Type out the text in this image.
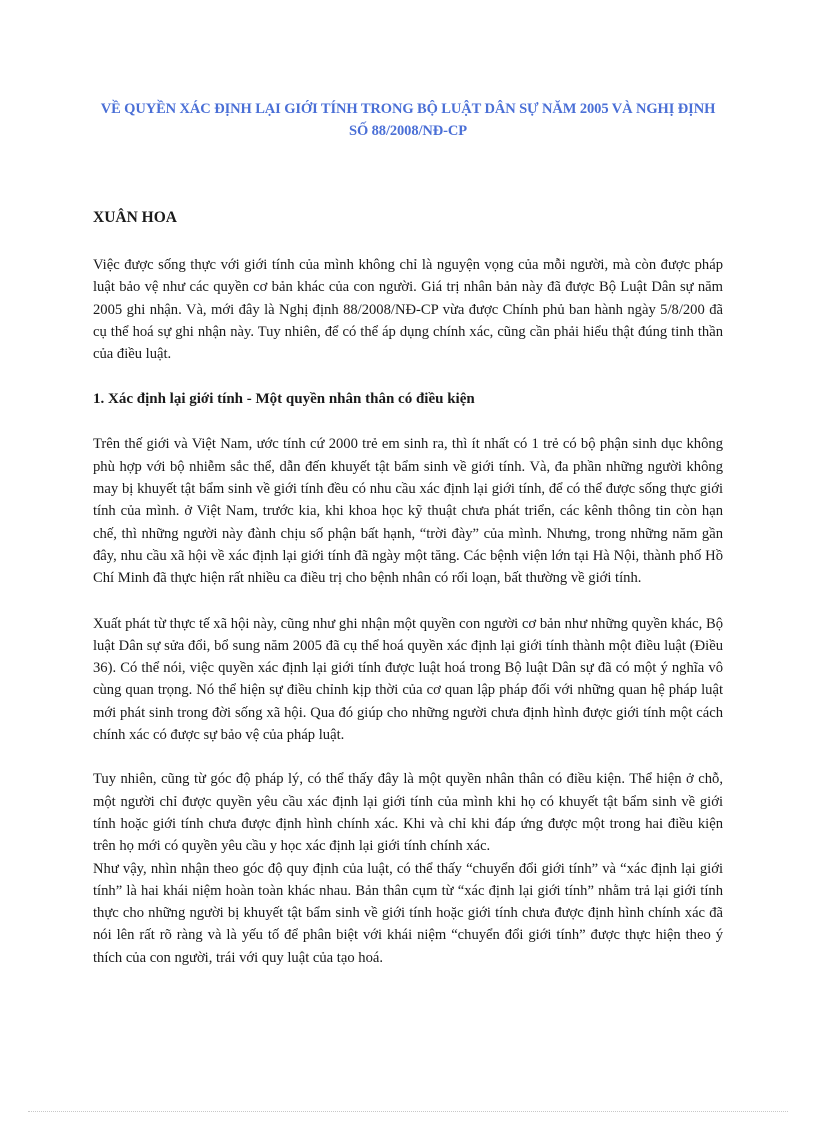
VỀ QUYỀN XÁC ĐỊNH LẠI GIỚI TÍNH TRONG BỘ LUẬT DÂN SỰ NĂM 2005 VÀ NGHỊ ĐỊNH SỐ 88/2008/NĐ-CP
XUÂN HOA

Việc được sống thực với giới tính của mình không chỉ là nguyện vọng của mỗi người, mà còn được pháp luật bảo vệ như các quyền cơ bản khác của con người. Giá trị nhân bản này đã được Bộ Luật Dân sự năm 2005 ghi nhận. Và, mới đây là Nghị định 88/2008/NĐ-CP vừa được Chính phủ ban hành ngày 5/8/200 đã cụ thể hoá sự ghi nhận này. Tuy nhiên, để có thể áp dụng chính xác, cũng cần phải hiểu thật đúng tinh thần của điều luật.

1. Xác định lại giới tính - Một quyền nhân thân có điều kiện

Trên thế giới và Việt Nam, ước tính cứ 2000 trẻ em sinh ra, thì ít nhất có 1 trẻ có bộ phận sinh dục không phù hợp với bộ nhiễm sắc thể, dẫn đến khuyết tật bẩm sinh về giới tính. Và, đa phần những người không may bị khuyết tật bẩm sinh về giới tính đều có nhu cầu xác định lại giới tính, để có thể được sống thực giới tính của mình. ở Việt Nam, trước kia, khi khoa học kỹ thuật chưa phát triển, các kênh thông tin còn hạn chế, thì những người này đành chịu số phận bất hạnh, “trời đày” của mình. Nhưng, trong những năm gần đây, nhu cầu xã hội về xác định lại giới tính đã ngày một tăng. Các bệnh viện lớn tại Hà Nội, thành phố Hồ Chí Minh đã thực hiện rất nhiều ca điều trị cho bệnh nhân có rối loạn, bất thường về giới tính.

Xuất phát từ thực tế xã hội này, cũng như ghi nhận một quyền con người cơ bản như những quyền khác, Bộ luật Dân sự sửa đổi, bổ sung năm 2005 đã cụ thể hoá quyền xác định lại giới tính thành một điều luật (Điều 36). Có thể nói, việc quyền xác định lại giới tính được luật hoá trong Bộ luật Dân sự đã có một ý nghĩa vô cùng quan trọng. Nó thể hiện sự điều chỉnh kịp thời của cơ quan lập pháp đối với những quan hệ pháp luật mới phát sinh trong đời sống xã hội. Qua đó giúp cho những người chưa định hình được giới tính một cách chính xác có được sự bảo vệ của pháp luật.

Tuy nhiên, cũng từ góc độ pháp lý, có thể thấy đây là một quyền nhân thân có điều kiện. Thể hiện ở chỗ, một người chỉ được quyền yêu cầu xác định lại giới tính của mình khi họ có khuyết tật bẩm sinh về giới tính hoặc giới tính chưa được định hình chính xác. Khi và chỉ khi đáp ứng được một trong hai điều kiện trên họ mới có quyền yêu cầu y học xác định lại giới tính chính xác.

Như vậy, nhìn nhận theo góc độ quy định của luật, có thể thấy “chuyển đổi giới tính” và “xác định lại giới tính” là hai khái niệm hoàn toàn khác nhau. Bản thân cụm từ “xác định lại giới tính” nhằm trả lại giới tính thực cho những người bị khuyết tật bẩm sinh về giới tính hoặc giới tính chưa được định hình chính xác đã nói lên rất rõ ràng và là yếu tố để phân biệt với khái niệm “chuyển đổi giới tính” được thực hiện theo ý thích của con người, trái với quy luật của tạo hoá.
